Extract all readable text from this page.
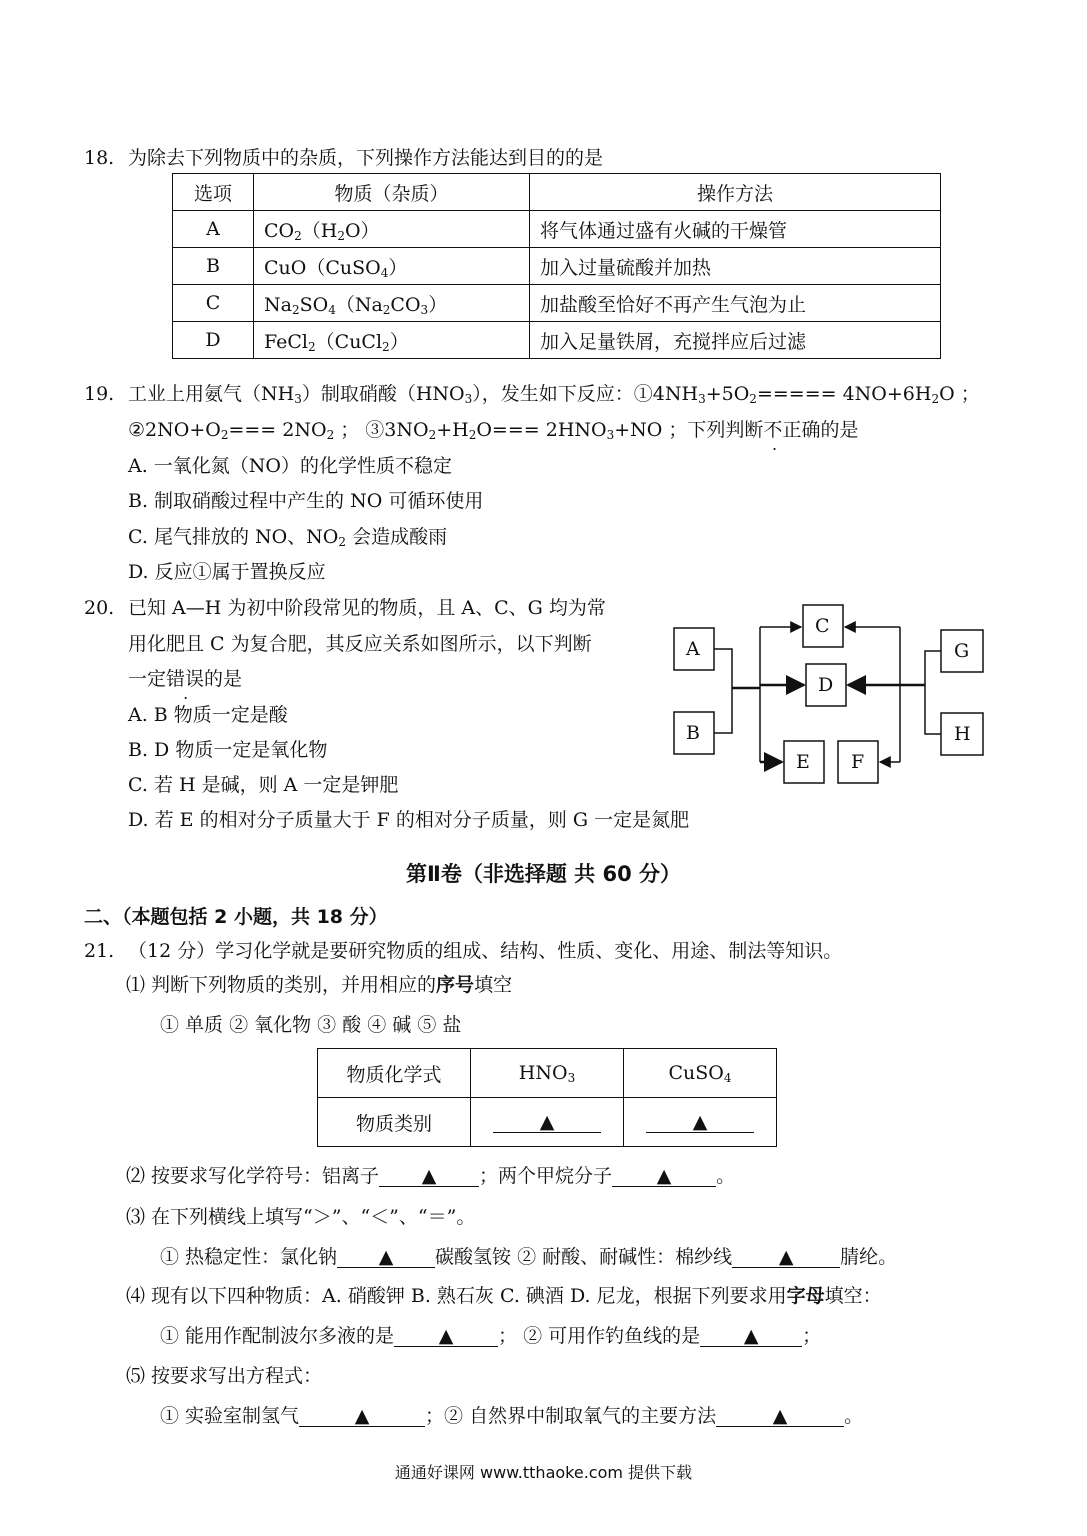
18. 为除去下列物质中的杂质，下列操作方法能达到目的的是
选项	物质（杂质）	操作方法
A	$CO_2(H_2O)$	将气体通过盛有火碱的干燥管
B	CuO（CuSO$_4$）	加入过量硫酸并加热
C	$Na_2SO_4(Na_2CO_3)$	加盐酸至恰好不再产生气泡为止
D	FeCl$_2$（CuCl$_2$）	加入足量铁屑，充搅拌应后过滤
19. 工业上用氨气$(NH_3)$制取硝酸$(HNO_3)$，发生如下反应：$①4NH_3+5O_2===== 4NO+6H_2O$ ；
$②2NO+O_2=== 2NO_2$ ； $③3NO_2+H_2O=== 2HNO_3+NO$ ；下列判断不正确的是
A. 一氧化氮（NO）的化学性质不稳定
B. 制取硝酸过程中产生的 NO 可循环使用
C. 尾气排放的 NO、$NO_2$ 会造成酸雨
D. 反应①属于置换反应
20. 已知 A—H 为初中阶段常见的物质，且 A、C、G 均为常
用化肥且 C 为复合肥，其反应关系如图所示，以下判断
一定错误的是
A. B 物质一定是酸
B. D 物质一定是氧化物
C. 若 H 是碱，则 A 一定是钾肥
D. 若 E 的相对分子质量大于 F 的相对分子质量，则 G 一定是氮肥
A
B
C
D
E F
G
H
第Ⅱ卷（非选择题 共 60 分）
二、（本题包括 2 小题，共 18 分）
21. （12 分）学习化学就是要研究物质的组成、结构、性质、变化、用途、制法等知识。
⑴ 判断下列物质的类别，并用相应的序号填空
① 单质 ② 氧化物 ③ 酸 ④ 碱 ⑤ 盐
物质化学式	$HNO_3$	CuSO$_4$
物质类别	▲	▲
⑵ 按要求写化学符号：铝离子 ▲ ；两个甲烷分子 ▲ 。
⑶ 在下列横线上填写“＞”、“＜”、“＝”。
① 热稳定性：氯化钠 ▲ 碳酸氢铵 ② 耐酸、耐碱性：棉纱线 ▲ 腈纶。
⑷ 现有以下四种物质：A. 硝酸钾 B. 熟石灰 C. 碘酒 D. 尼龙，根据下列要求用字母填空：
① 能用作配制波尔多液的是 ▲ ； ② 可用作钓鱼线的是 ▲ ；
⑸ 按要求写出方程式：
① 实验室制氢气	▲	；② 自然界中制取氧气的主要方法	▲	。
通通好课网 www.tthaoke.com 提供下载
